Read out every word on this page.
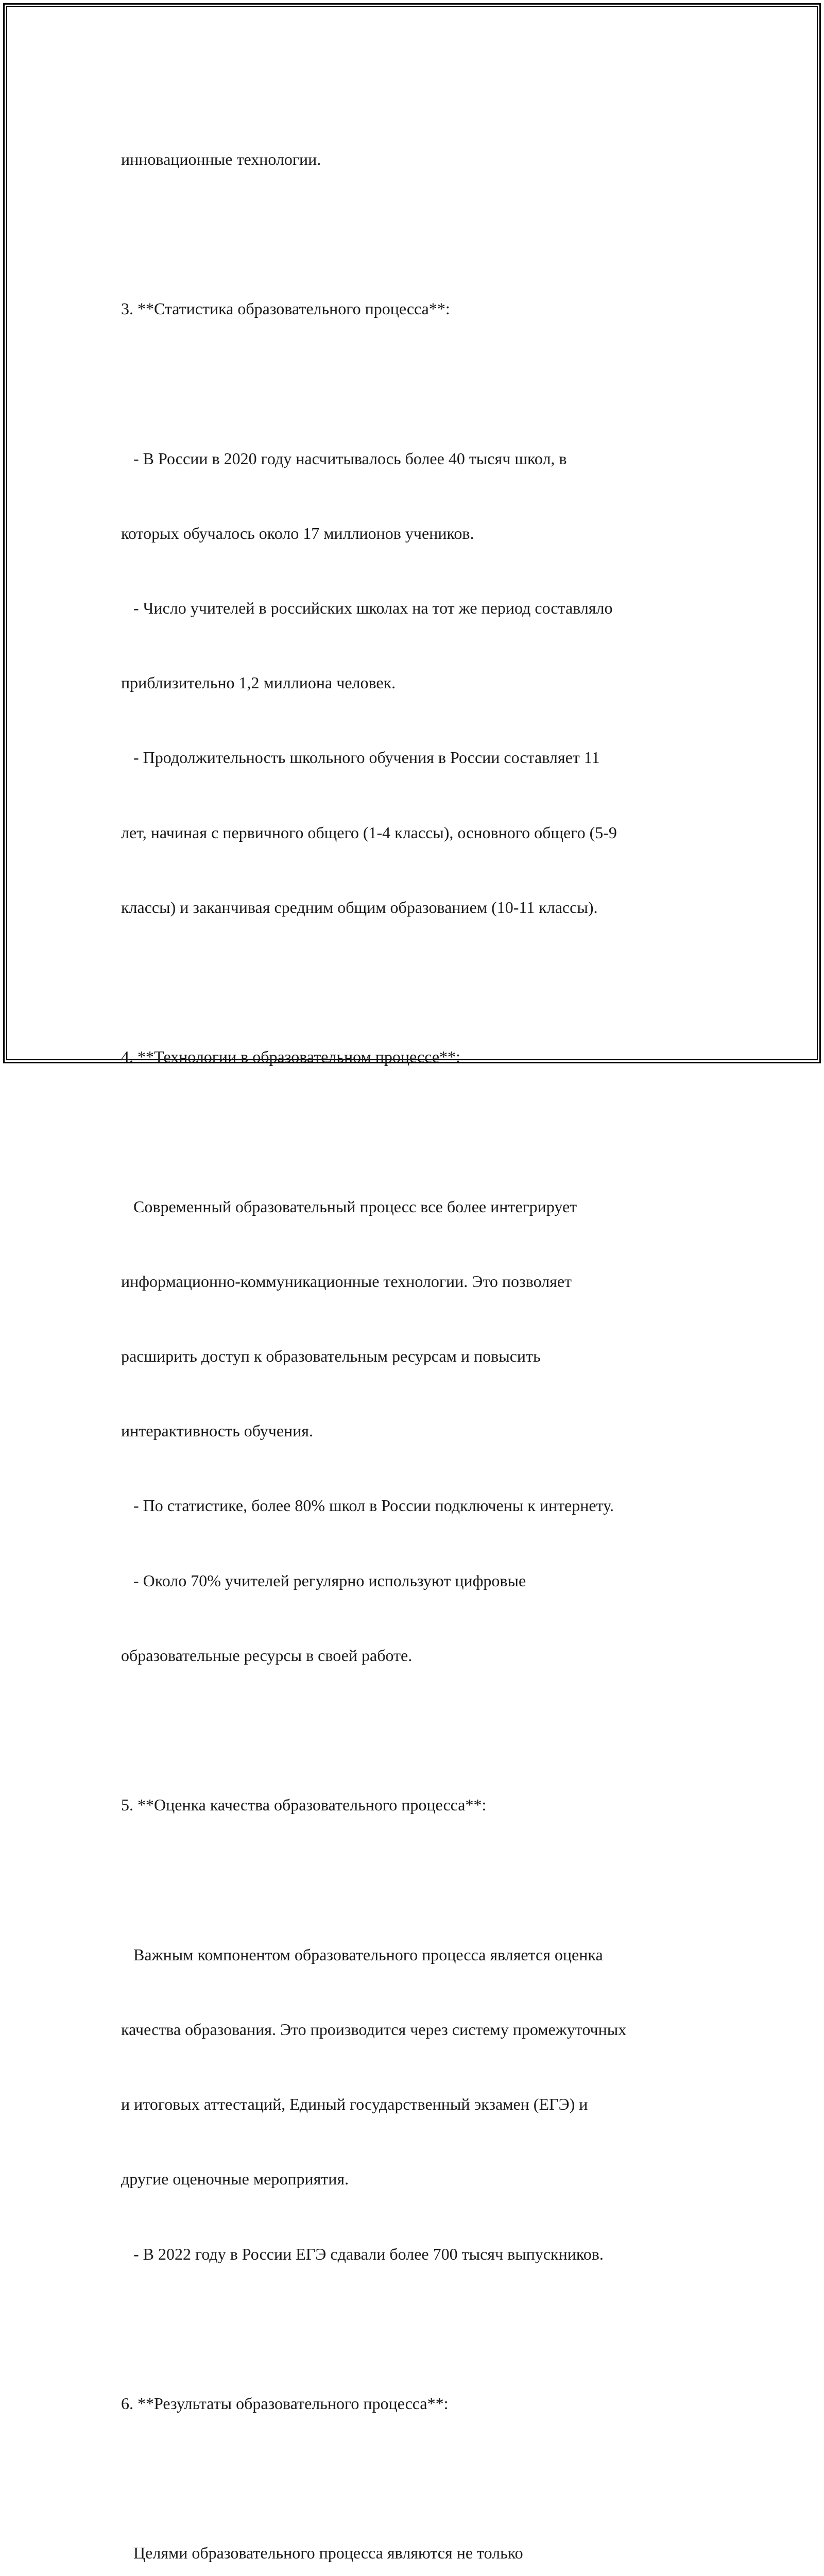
инновационные технологии.

3. **Статистика образовательного процесса**:

- В России в 2020 году насчитывалось более 40 тысяч школ, в

которых обучалось около 17 миллионов учеников.

- Число учителей в российских школах на тот же период составляло

приблизительно 1,2 миллиона человек.

- Продолжительность школьного обучения в России составляет 11

лет, начиная с первичного общего (1-4 классы), основного общего (5-9

классы) и заканчивая средним общим образованием (10-11 классы).

4. **Технологии в образовательном процессе**:

Современный образовательный процесс все более интегрирует

информационно-коммуникационные технологии. Это позволяет

расширить доступ к образовательным ресурсам и повысить

интерактивность обучения.

- По статистике, более 80% школ в России подключены к интернету.

- Около 70% учителей регулярно используют цифровые

образовательные ресурсы в своей работе.

5. **Оценка качества образовательного процесса**:

Важным компонентом образовательного процесса является оценка

качества образования. Это производится через систему промежуточных

и итоговых аттестаций, Единый государственный экзамен (ЕГЭ) и

другие оценочные мероприятия.

- В 2022 году в России ЕГЭ сдавали более 700 тысяч выпускников.

6. **Результаты образовательного процесса**:

Целями образовательного процесса являются не только
